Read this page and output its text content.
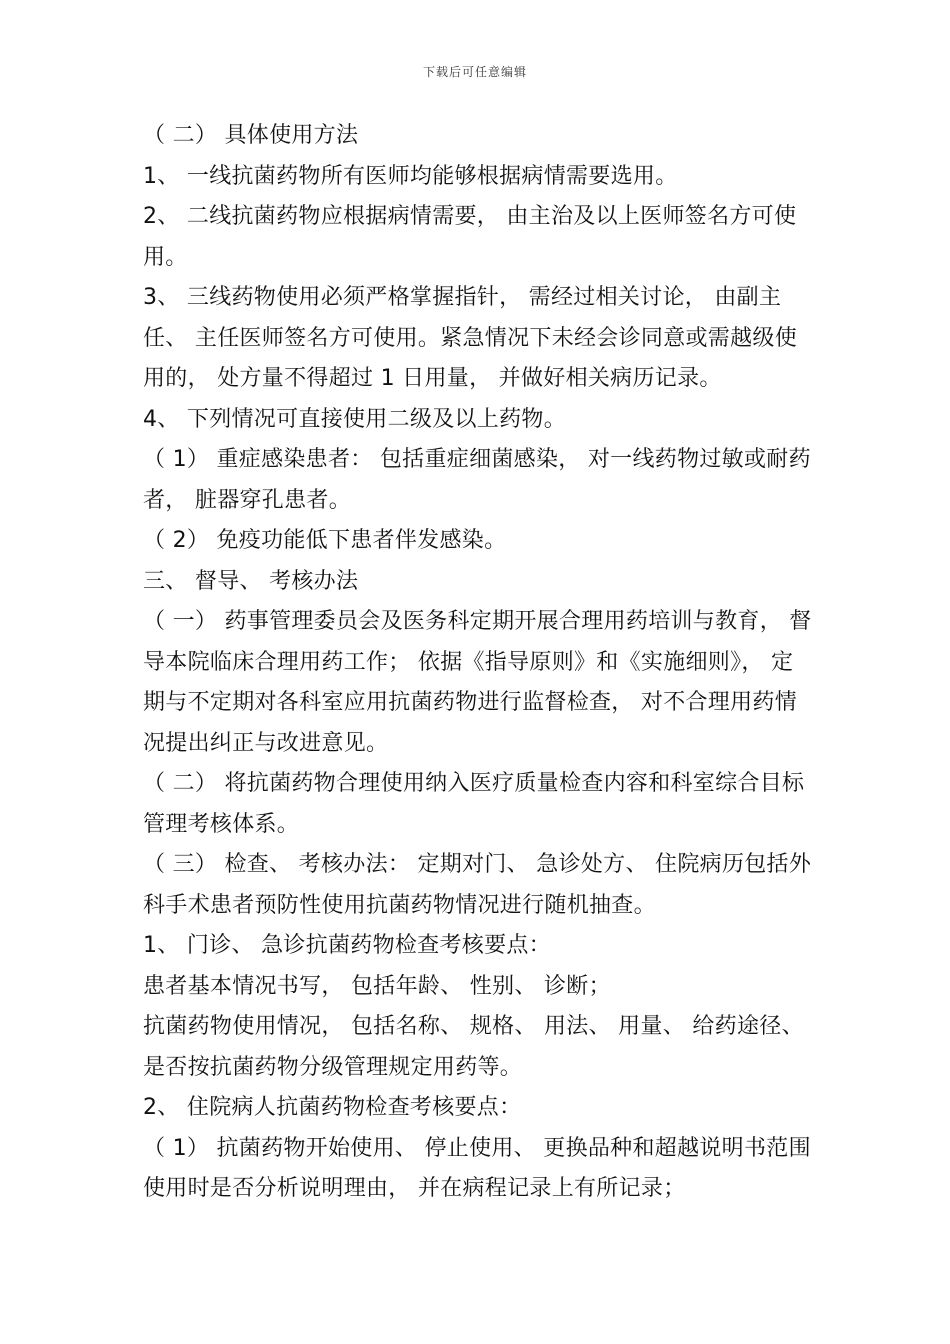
下载后可任意编辑

（ 二） 具体使用方法

1、 一线抗菌药物所有医师均能够根据病情需要选用。

2、 二线抗菌药物应根据病情需要， 由主治及以上医师签名方可使用。

3、 三线药物使用必须严格掌握指针， 需经过相关讨论， 由副主任、 主任医师签名方可使用。紧急情况下未经会诊同意或需越级使用的， 处方量不得超过 1 日用量， 并做好相关病历记录。

4、 下列情况可直接使用二级及以上药物。

（ 1） 重症感染患者： 包括重症细菌感染， 对一线药物过敏或耐药者， 脏器穿孔患者。

（ 2） 免疫功能低下患者伴发感染。

三、 督导、 考核办法

（ 一） 药事管理委员会及医务科定期开展合理用药培训与教育， 督导本院临床合理用药工作； 依据《指导原则》和《实施细则》， 定期与不定期对各科室应用抗菌药物进行监督检查， 对不合理用药情况提出纠正与改进意见。

（ 二） 将抗菌药物合理使用纳入医疗质量检查内容和科室综合目标管理考核体系。

（ 三） 检查、 考核办法： 定期对门、 急诊处方、 住院病历包括外科手术患者预防性使用抗菌药物情况进行随机抽查。

1、 门诊、 急诊抗菌药物检查考核要点：

患者基本情况书写， 包括年龄、 性别、 诊断；

抗菌药物使用情况， 包括名称、 规格、 用法、 用量、 给药途径、 是否按抗菌药物分级管理规定用药等。

2、 住院病人抗菌药物检查考核要点：

（ 1） 抗菌药物开始使用、 停止使用、 更换品种和超越说明书范围使用时是否分析说明理由， 并在病程记录上有所记录；
